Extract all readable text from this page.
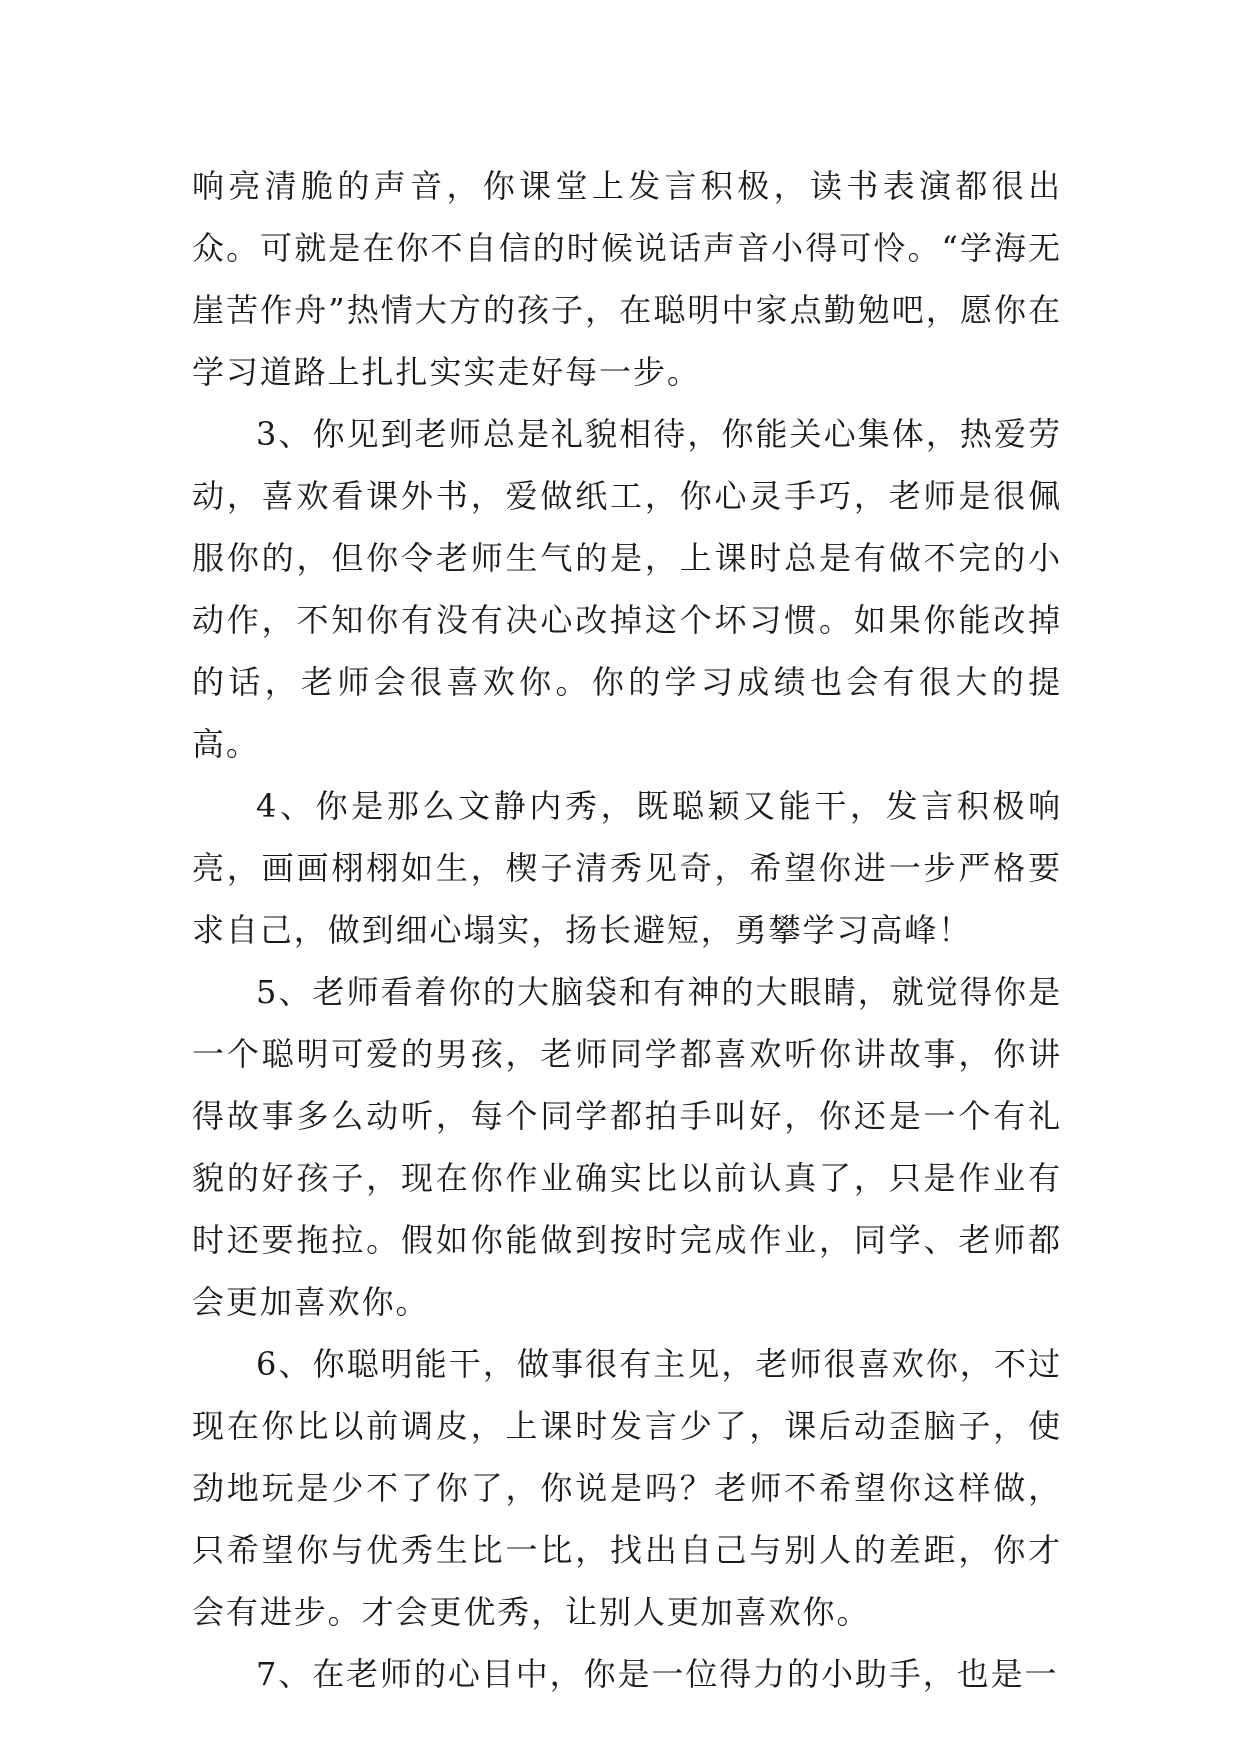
响亮清脆的声音，你课堂上发言积极，读书表演都很出众。可就是在你不自信的时候说话声音小得可怜。“学海无崖苦作舟”热情大方的孩子，在聪明中家点勤勉吧，愿你在学习道路上扎扎实实走好每一步。

3、你见到老师总是礼貌相待，你能关心集体，热爱劳动，喜欢看课外书，爱做纸工，你心灵手巧，老师是很佩服你的，但你令老师生气的是，上课时总是有做不完的小动作，不知你有没有决心改掉这个坏习惯。如果你能改掉的话，老师会很喜欢你。你的学习成绩也会有很大的提高。

4、你是那么文静内秀，既聪颖又能干，发言积极响亮，画画栩栩如生，楔子清秀见奇，希望你进一步严格要求自己，做到细心塌实，扬长避短，勇攀学习高峰！

5、老师看着你的大脑袋和有神的大眼睛，就觉得你是一个聪明可爱的男孩，老师同学都喜欢听你讲故事，你讲得故事多么动听，每个同学都拍手叫好，你还是一个有礼貌的好孩子，现在你作业确实比以前认真了，只是作业有时还要拖拉。假如你能做到按时完成作业，同学、老师都会更加喜欢你。

6、你聪明能干，做事很有主见，老师很喜欢你，不过现在你比以前调皮，上课时发言少了，课后动歪脑子，使劲地玩是少不了你了，你说是吗？老师不希望你这样做，只希望你与优秀生比一比，找出自己与别人的差距，你才会有进步。才会更优秀，让别人更加喜欢你。

7、在老师的心目中，你是一位得力的小助手，也是一
